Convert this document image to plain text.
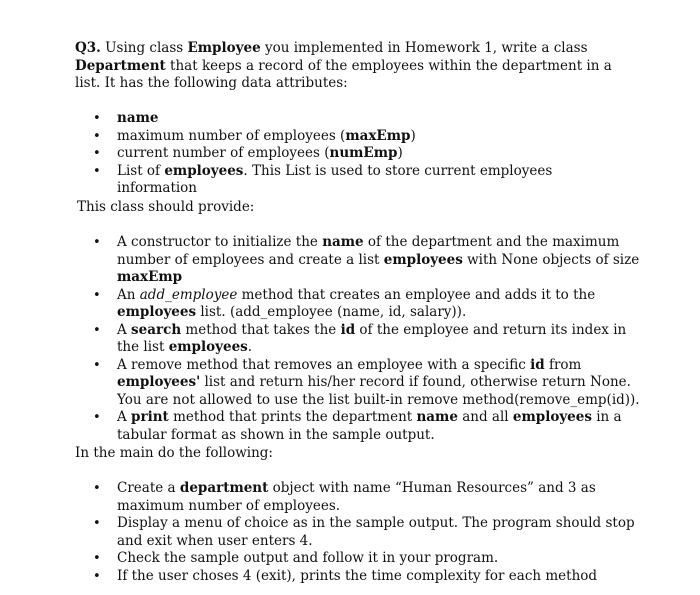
Q3. Using class Employee you implemented in Homework 1, write a class Department that keeps a record of the employees within the department in a list. It has the following data attributes:

• name
• maximum number of employees (maxEmp)
• current number of employees (numEmp)
• List of employees. This List is used to store current employees information

This class should provide:

• A constructor to initialize the name of the department and the maximum number of employees and create a list employees with None objects of size maxEmp
• An add_employee method that creates an employee and adds it to the employees list. (add_employee (name, id, salary)).
• A search method that takes the id of the employee and return its index in the list employees.
• A remove method that removes an employee with a specific id from employees' list and return his/her record if found, otherwise return None. You are not allowed to use the list built-in remove method(remove_emp(id)).
• A print method that prints the department name and all employees in a tabular format as shown in the sample output.

In the main do the following:

• Create a department object with name “Human Resources” and 3 as maximum number of employees.
• Display a menu of choice as in the sample output. The program should stop and exit when user enters 4.
• Check the sample output and follow it in your program.
• If the user choses 4 (exit), prints the time complexity for each method
